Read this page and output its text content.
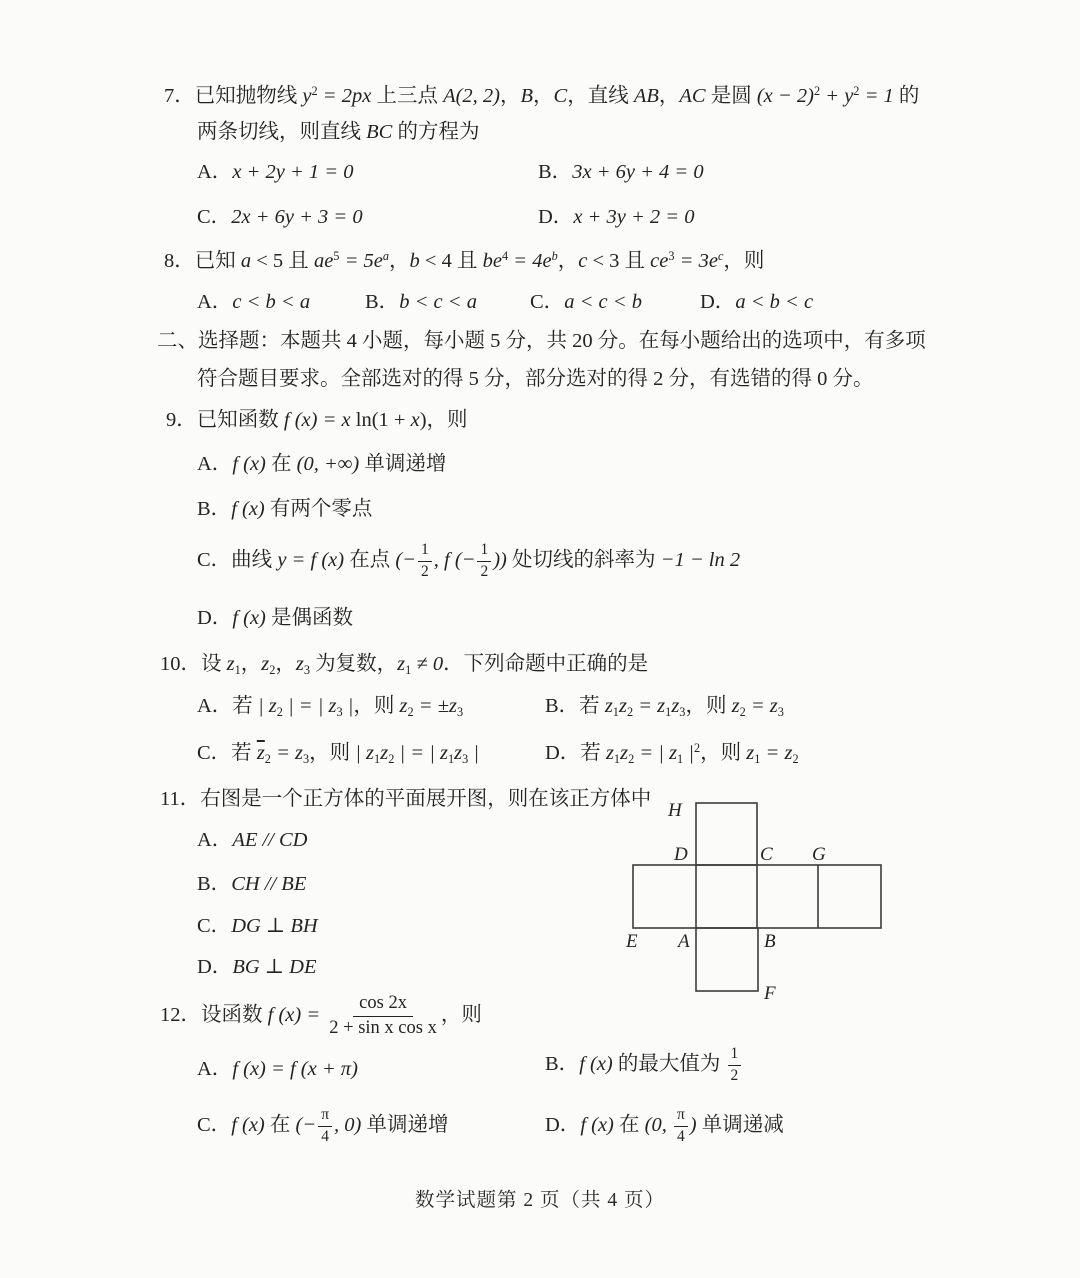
7．已知抛物线 $y^2 = 2px$ 上三点 A(2, 2)，B，C，直线 AB，AC 是圆 $(x - 2)^2 + y^2 = 1$ 的
两条切线，则直线 BC 的方程为
A．x + 2y + 1 = 0	B．3x + 6y + 4 = 0
C．2x + 6y + 3 = 0	D．x + 3y + 2 = 0
8．已知 a < 5 且 $ae^5 = 5e^a$，b < 4 且 $be^4 = 4e^b$，c < 3 且 $ce^3 = 3e^c$，则
A．c < b < a	B．b < c < a	C．a < c < b	D．a < b < c
二、选择题：本题共 4 小题，每小题 5 分，共 20 分。在每小题给出的选项中，有多项
符合题目要求。全部选对的得 5 分，部分选对的得 2 分，有选错的得 0 分。
9．已知函数 f (x) = x ln(1 + x)，则
A．f (x) 在 (0, +∞) 单调递增
B．f (x) 有两个零点
C．曲线 y = f (x) 在点 (− $\frac{1}{2}$ , f (− $\frac{1}{2}$ )) 处切线的斜率为 −1 − ln 2
D．f (x) 是偶函数
10．设 z1，z2，z3 为复数，z1 ≠ 0．下列命题中正确的是
A．若 | z2 | = | z3 |，则 z2 = ±z3	B．若 z1z2 = z1z3，则 z2 = z3
C．若 $\overline{z}2 = z3$，则 | z1z2 | = | z1z3 |	D．若 z1z2 = | z1 $|^2$，则 z1 = z2
11．右图是一个正方体的平面展开图，则在该正方体中
A．AE // CD
B．CH // BE
C．DG ⊥ BH
D．BG ⊥ DE
H
D	C G
E A	B
F
12．设函数 f $(x) = \frac{\cos 2x}{\text{2 + sin x cos x}}$ ，则
A．f (x) = f (x + π)	B．f (x) 的最大值为 $\frac{1}{2}$
C．f (x) 在 (− $\frac{\pi}{4}$ , 0) 单调递增	D．f (x) 在 (0, $\frac{\pi}{4}$ ) 单调递减
数学试题第 2 页（共 4 页）
